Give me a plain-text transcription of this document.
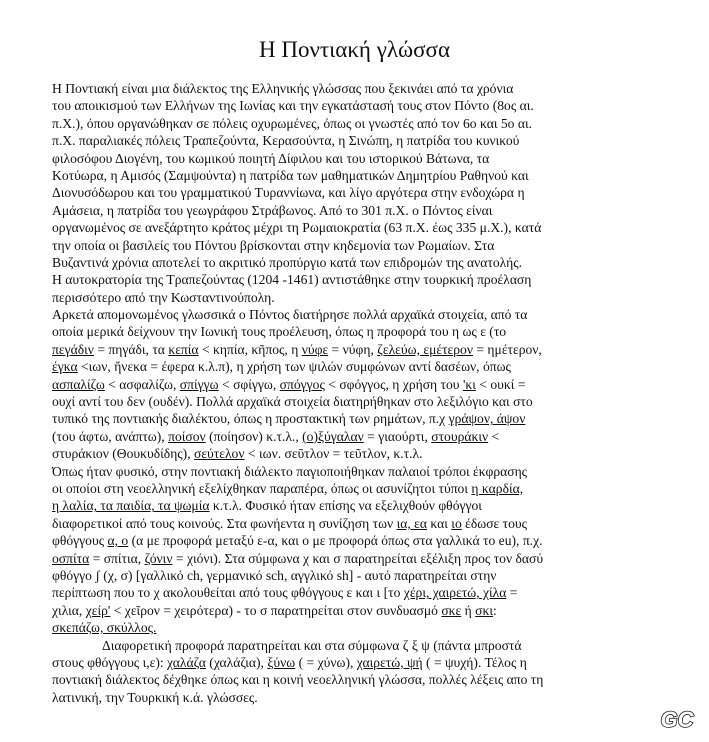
Η Ποντιακή γλώσσα
Η Ποντιακή είναι μια διάλεκτος της Ελληνικής γλώσσας που ξεκινάει από τα χρόνια
του αποικισμού των Ελλήνων της Ιωνίας και την εγκατάστασή τους στον Πόντο (8ος αι.
π.Χ.), όπου οργανώθηκαν σε πόλεις οχυρωμένες, όπως οι γνωστές από τον 6ο και 5ο αι.
π.Χ. παραλιακές πόλεις Τραπεζούντα, Κερασούντα, η Σινώπη, η πατρίδα του κυνικού
φιλοσόφου Διογένη, του κωμικού ποιητή Δίφιλου και του ιστορικού Βάτωνα, τα
Κοτύωρα, η Αμισός (Σαμψούντα) η πατρίδα των μαθηματικών Δημητρίου Ραθηνού και
Διονυσόδωρου και του γραμματικού Τυραννίωνα, και λίγο αργότερα στην ενδοχώρα η
Αμάσεια, η πατρίδα του γεωγράφου Στράβωνος. Από το 301 π.Χ. ο Πόντος είναι
οργανωμένος σε ανεξάρτητο κράτος μέχρι τη Ρωμαιοκρατία (63 π.Χ. έως 335 μ.Χ.), κατά
την οποία οι βασιλείς του Πόντου βρίσκονται στην κηδεμονία των Ρωμαίων. Στα
Βυζαντινά χρόνια αποτελεί το ακριτικό προπύργιο κατά των επιδρομών της ανατολής.
Η αυτοκρατορία της Τραπεζούντας (1204 -1461) αντιστάθηκε στην τουρκική προέλαση
περισσότερο από την Κωσταντινούπολη.
Αρκετά απομονωμένος γλωσσικά ο Πόντος διατήρησε πολλά αρχαϊκά στοιχεία, από τα
οποία μερικά δείχνουν την Ιωνική τους προέλευση, όπως η προφορά του η ως ε (το
πεγάδιν = πηγάδι, τα κεπία < κηπία, κῆπος, η νύφε = νύφη, ζελεύω, εμέτερον = ημέτερον,
έγκα <ιων, ἤνεκα = έφερα κ.λ.π), η χρήση των ψιλών συμφώνων αντί δασέων, όπως
ασπαλίζω < ασφαλίζω, σπίγγω < σφίγγω, σπόγγος < σφόγγος, η χρήση του 'κι < ουκί =
ουχί αντί του δεν (ουδέν). Πολλά αρχαϊκά στοιχεία διατηρήθηκαν στο λεξιλόγιο και στο
τυπικό της ποντιακής διαλέκτου, όπως η προστακτική των ρημάτων, π.χ γράψον, άψον
(του άφτω, ανάπτω), ποίσον (ποίησον) κ.τ.λ., (ο)ξύγαλαν = γιαούρτι, στουράκιν <
στυράκιον (Θουκυδίδης), σεύτελον < ιων. σεῦτλον = τεῦτλον, κ.τ.λ.
Όπως ήταν φυσικό, στην ποντιακή διάλεκτο παγιοποιήθηκαν παλαιοί τρόποι έκφρασης
οι οποίοι στη νεοελληνική εξελίχθηκαν παραπέρα, όπως οι ασυνίζητοι τύποι η καρδία,
η λαλία, τα παιδία, τα ψωμία κ.τ.λ. Φυσικό ήταν επίσης να εξελιχθούν φθόγγοι
διαφορετικοί από τους κοινούς. Στα φωνήεντα η συνίζηση των ια, εα και ιο έδωσε τους
φθόγγους α, ο (α με προφορά μεταξύ ε-α, και ο με προφορά όπως στα γαλλικά το eu), π.χ.
οσπίτα = σπίτια, ζόνιν = χιόνι). Στα σύμφωνα χ και σ παρατηρείται εξέλιξη προς τον δασύ
φθόγγο ʃ (χ, σ) [γαλλικό ch, γερμανικό sch, αγγλικό sh] - αυτό παρατηρείται στην
περίπτωση που το χ ακολουθείται από τους φθόγγους ε και ι [το χέρι, χαιρετώ, χίλα =
χιλια, χείρ' < χεῖρον = χειρότερα) - το σ παρατηρείται στον συνδυασμό σκε ή σκι:
σκεπάζω, σκύλλος.
Διαφορετική προφορά παρατηρείται και στα σύμφωνα ζ ξ ψ (πάντα μπροστά
στους φθόγγους ι,ε): χαλάζα (χαλάζια), ξύνω ( = χύνω), χαιρετώ, ψή ( = ψυχή). Τέλος η
ποντιακή διάλεκτος δέχθηκε όπως και η κοινή νεοελληνική γλώσσα, πολλές λέξεις απο τη
λατινική, την Τουρκική κ.ά. γλώσσες.
GC
